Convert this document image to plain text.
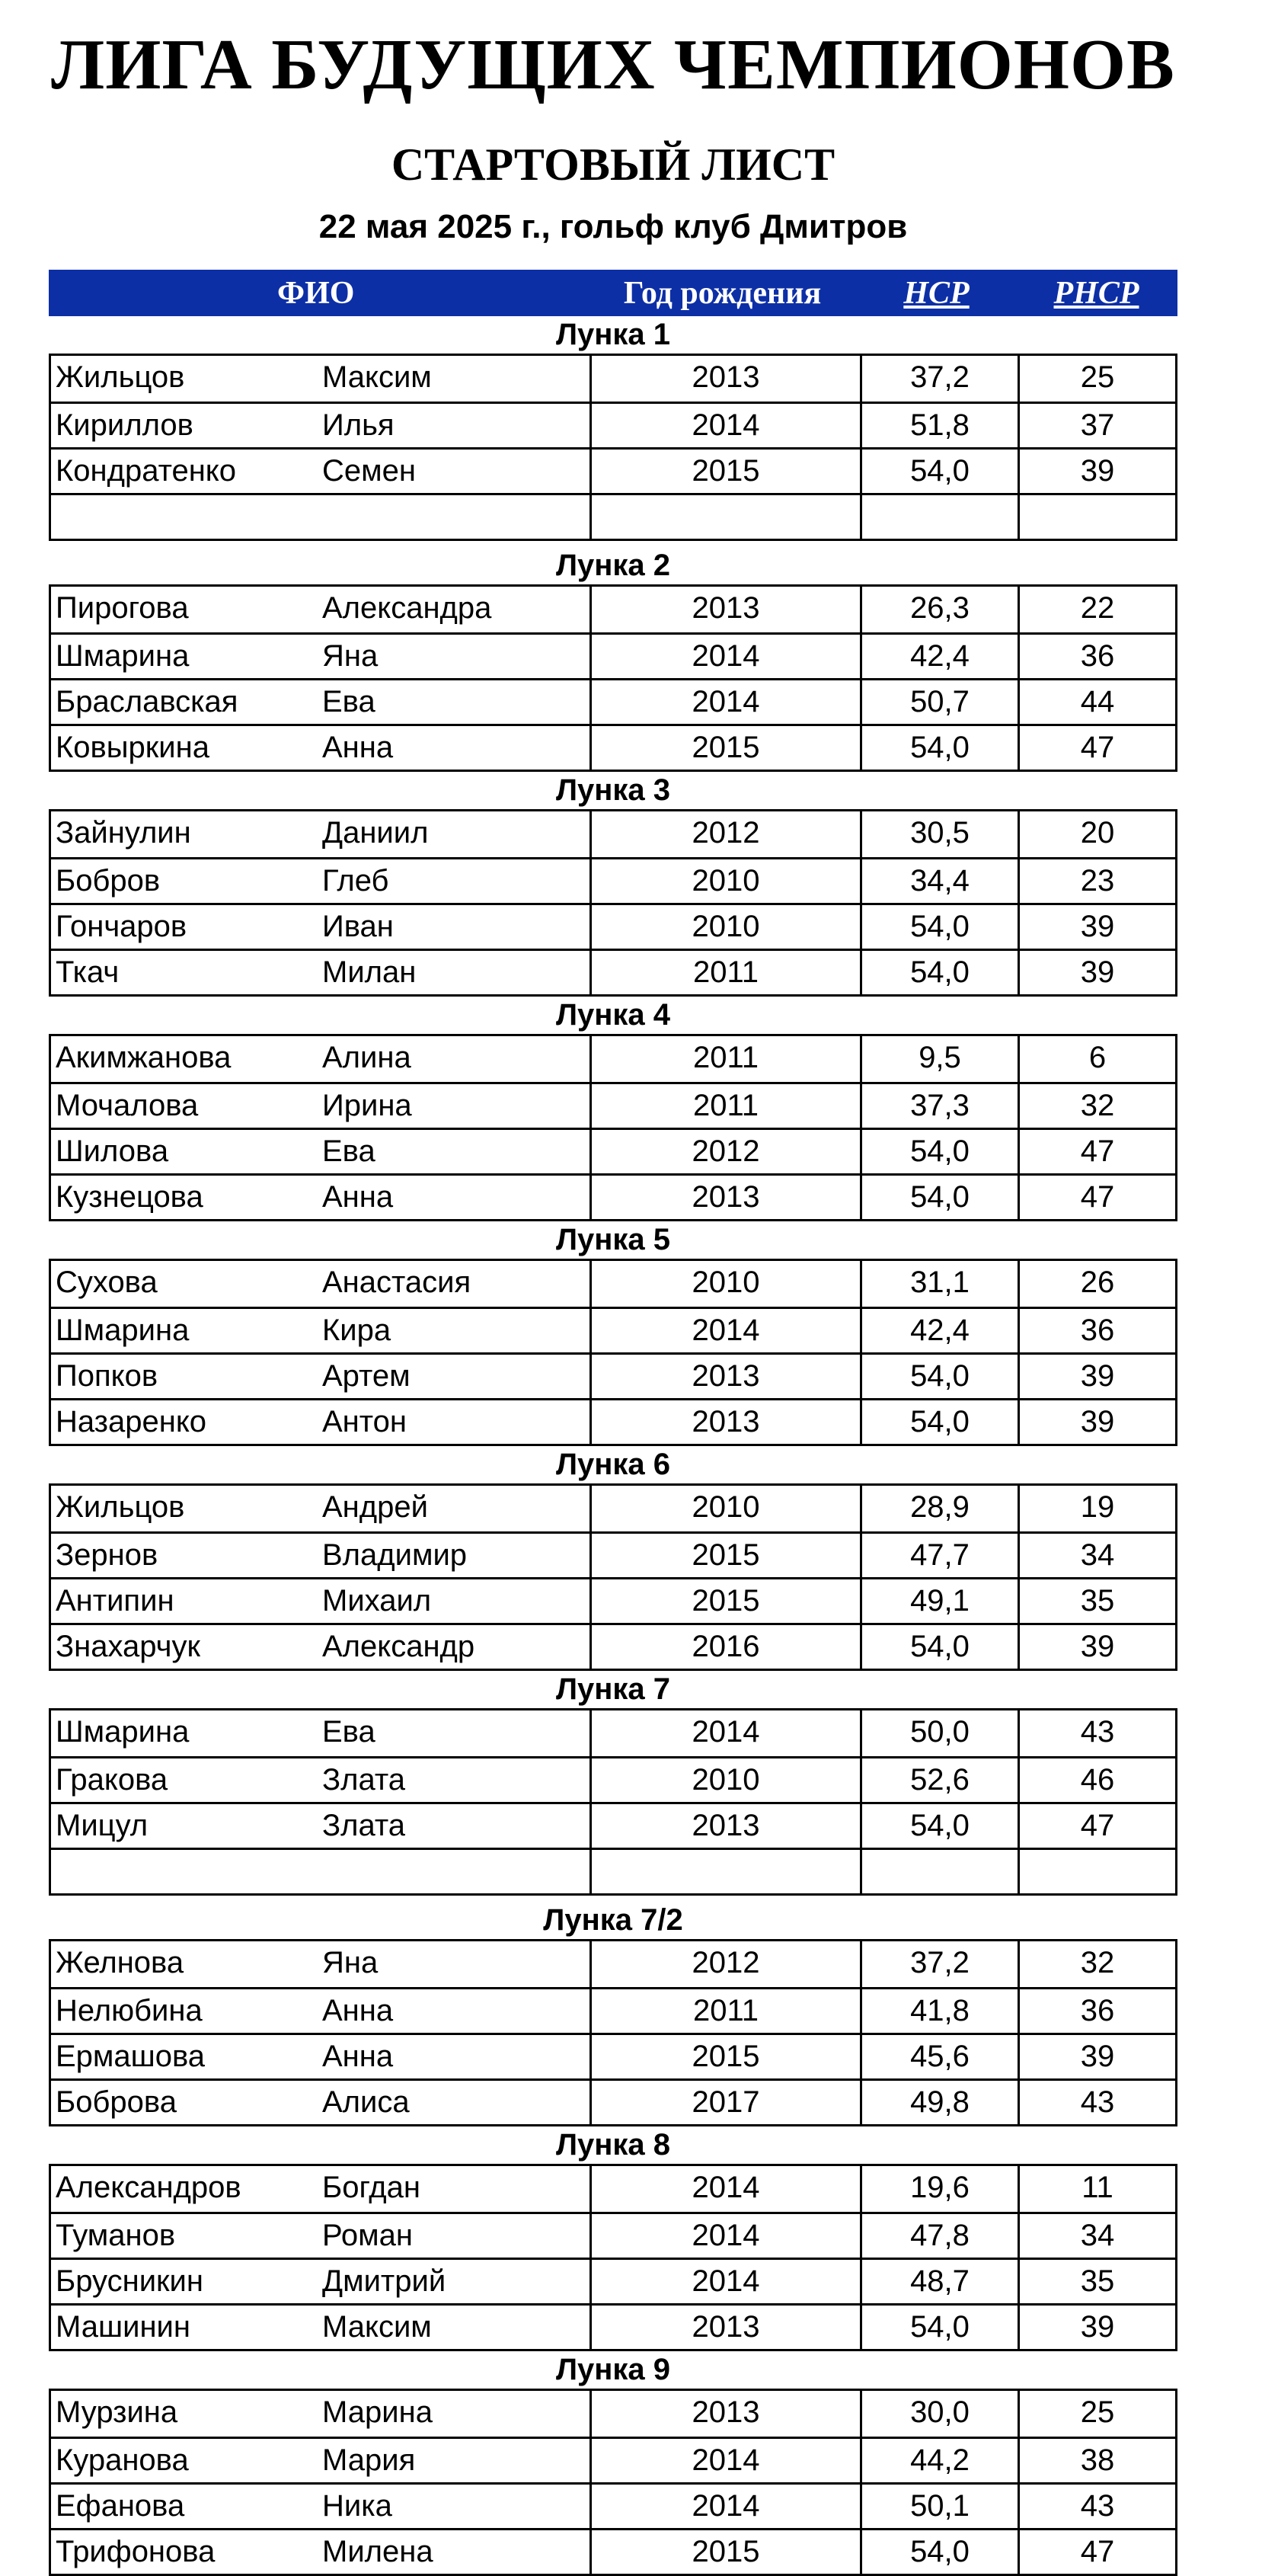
ЛИГА БУДУЩИХ ЧЕМПИОНОВ
СТАРТОВЫЙ ЛИСТ
22 мая 2025 г., гольф клуб Дмитров
ФИО	Год рождения	HCP	PHCP
Лунка 1
Жильцов	Максим	2013	37,2	25
Кириллов	Илья	2014	51,8	37
Кондратенко	Семен	2015	54,0	39
Лунка 2
Пирогова	Александра	2013	26,3	22
Шмарина	Яна	2014	42,4	36
Браславская	Ева	2014	50,7	44
Ковыркина	Анна	2015	54,0	47
Лунка 3
Зайнулин	Даниил	2012	30,5	20
Бобров	Глеб	2010	34,4	23
Гончаров	Иван	2010	54,0	39
Ткач	Милан	2011	54,0	39
Лунка 4
Акимжанова	Алина	2011	9,5	6
Мочалова	Ирина	2011	37,3	32
Шилова	Ева	2012	54,0	47
Кузнецова	Анна	2013	54,0	47
Лунка 5
Сухова	Анастасия	2010	31,1	26
Шмарина	Кира	2014	42,4	36
Попков	Артем	2013	54,0	39
Назаренко	Антон	2013	54,0	39
Лунка 6
Жильцов	Андрей	2010	28,9	19
Зернов	Владимир	2015	47,7	34
Антипин	Михаил	2015	49,1	35
Знахарчук	Александр	2016	54,0	39
Лунка 7
Шмарина	Ева	2014	50,0	43
Гракова	Злата	2010	52,6	46
Мицул	Злата	2013	54,0	47
Лунка 7/2
Желнова	Яна	2012	37,2	32
Нелюбина	Анна	2011	41,8	36
Ермашова	Анна	2015	45,6	39
Боброва	Алиса	2017	49,8	43
Лунка 8
Александров	Богдан	2014	19,6	11
Туманов	Роман	2014	47,8	34
Брусникин	Дмитрий	2014	48,7	35
Машинин	Максим	2013	54,0	39
Лунка 9
Мурзина	Марина	2013	30,0	25
Куранова	Мария	2014	44,2	38
Ефанова	Ника	2014	50,1	43
Трифонова	Милена	2015	54,0	47
